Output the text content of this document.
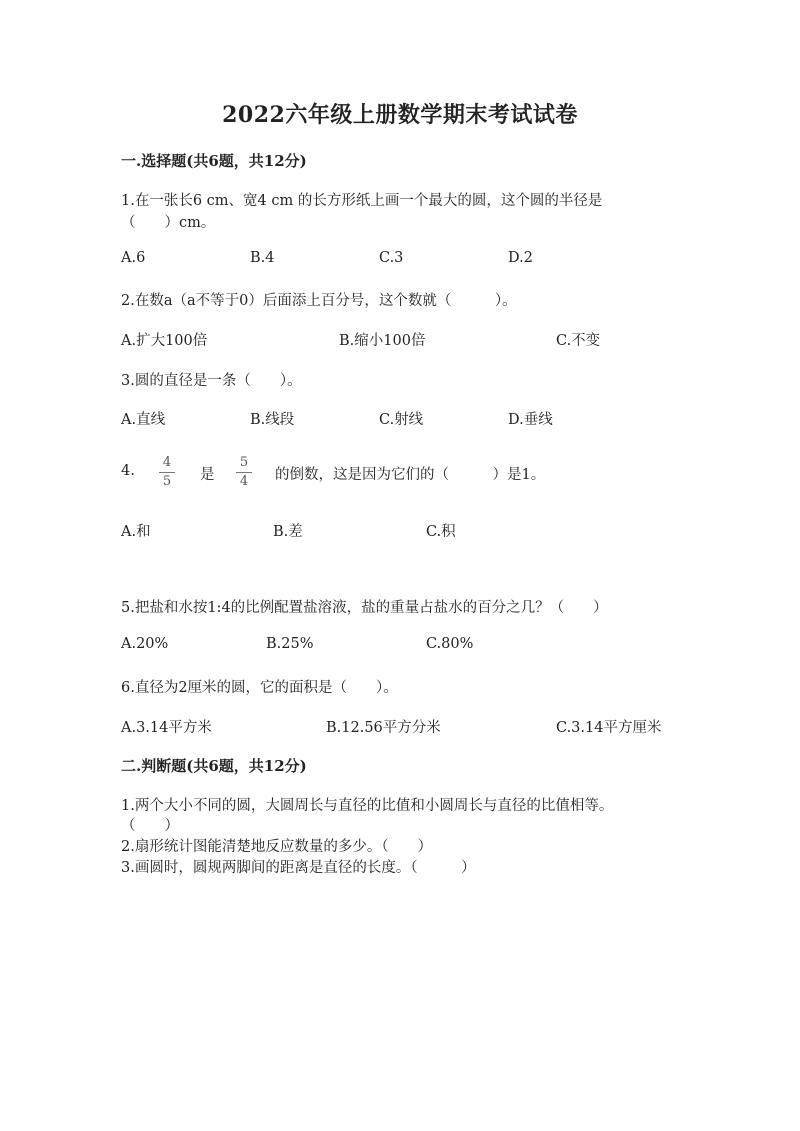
2022六年级上册数学期末考试试卷
一.选择题(共6题，共12分)
1.在一张长6 cm、宽4 cm 的长方形纸上画一个最大的圆，这个圆的半径是
（　　）cm。
A.6	B.4	C.3	D.2
2.在数a（a不等于0）后面添上百分号，这个数就（　　　）。
A.扩大100倍	B.缩小100倍	C.不变
3.圆的直径是一条（　　）。
A.直线	B.线段	C.射线	D.垂线
4.
4
5 是
5
4 的倒数，这是因为它们的（　　　）是1。
A.和	B.差	C.积
5.把盐和水按1:4的比例配置盐溶液，盐的重量占盐水的百分之几？（　　）
A.20%	B.25%	C.80%
6.直径为2厘米的圆，它的面积是（　　）。
A.3.14平方米	B.12.56平方分米	C.3.14平方厘米
二.判断题(共6题，共12分)
1.两个大小不同的圆，大圆周长与直径的比值和小圆周长与直径的比值相等。
（　　）
2.扇形统计图能清楚地反应数量的多少。（　　）
3.画圆时，圆规两脚间的距离是直径的长度。（　　　）
